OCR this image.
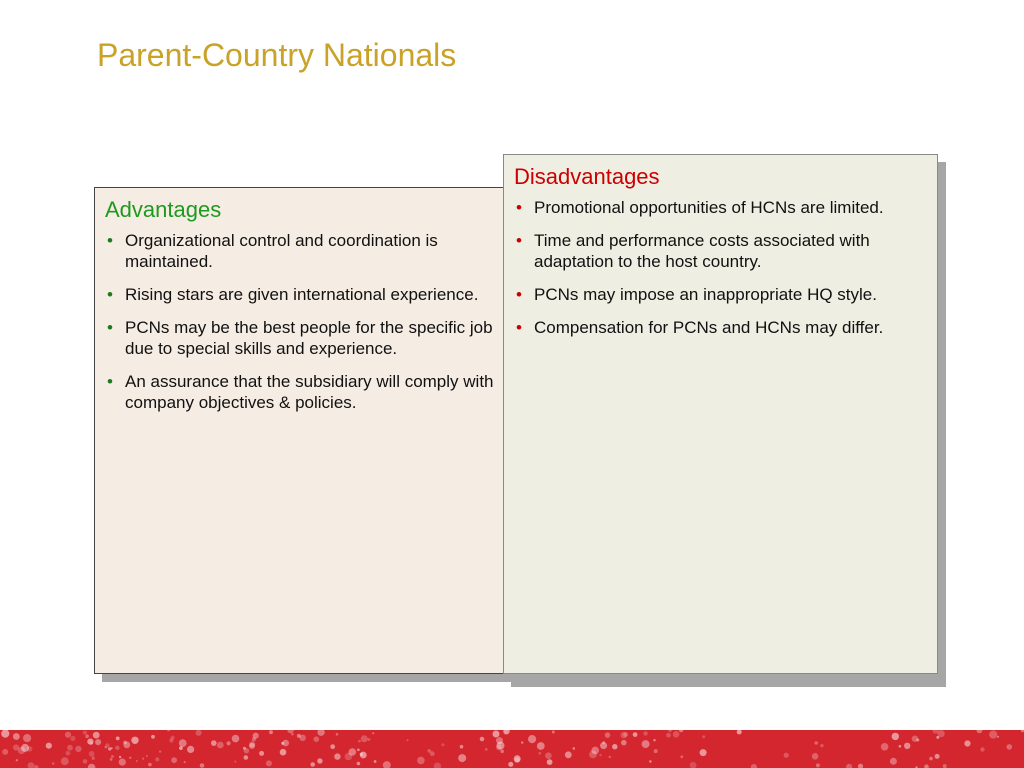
Parent-Country Nationals
Advantages
• Organizational control and coordination is maintained.
• Rising stars are given international experience.
• PCNs may be the best people for the specific job due to special skills and experience.
• An assurance that the subsidiary will comply with company objectives & policies.
Disadvantages
• Promotional opportunities of HCNs are limited.
• Time and performance costs associated with adaptation to the host country.
• PCNs may impose an inappropriate HQ style.
• Compensation for PCNs and HCNs may differ.
